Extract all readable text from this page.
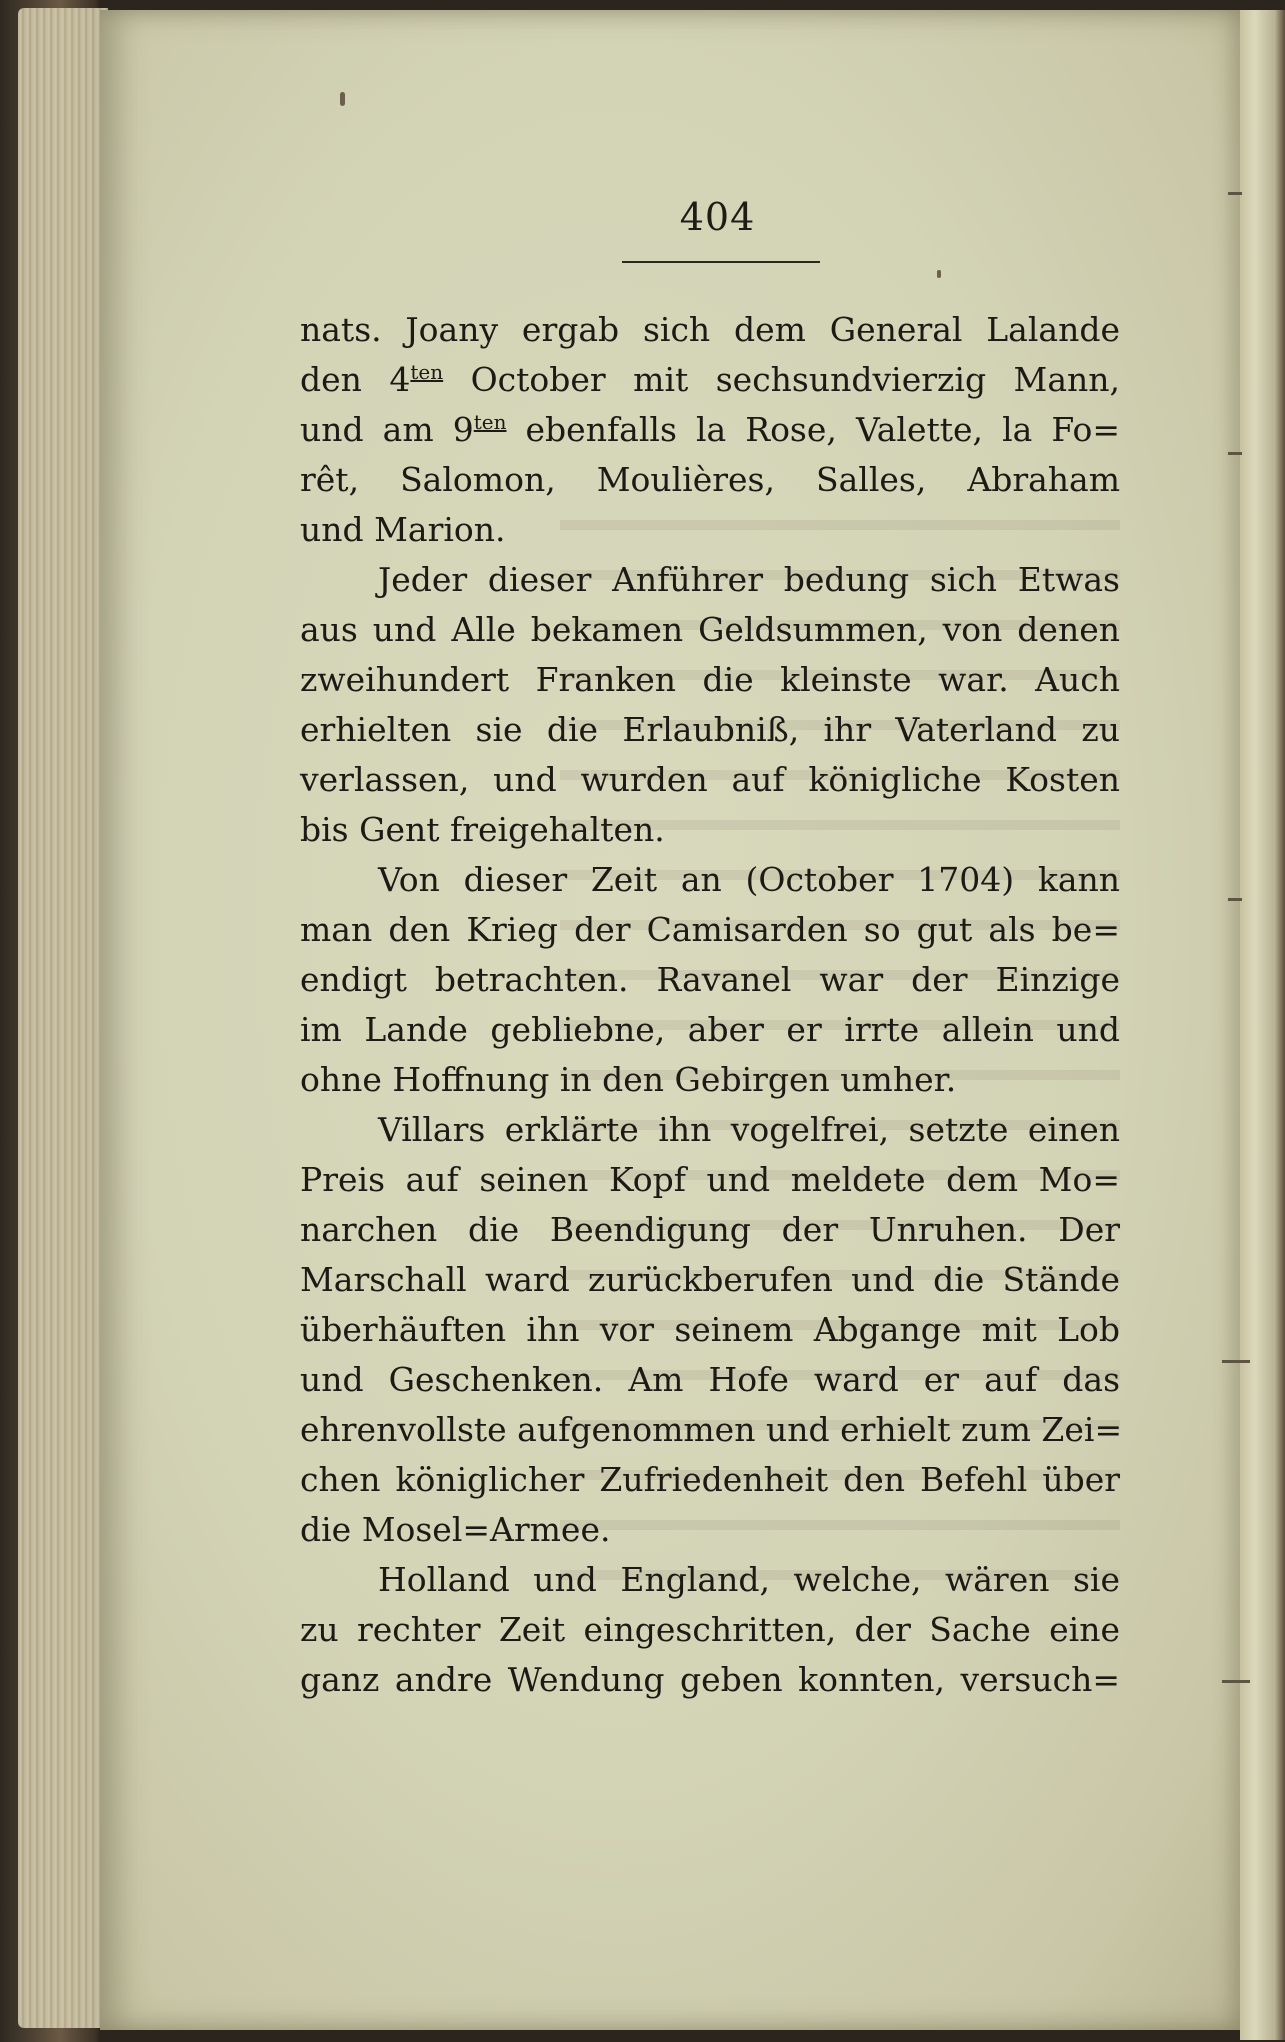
404
nats. Joany ergab sich dem General Lalande
den $4^{ten}$ October mit sechsundvierzig Mann,
und am $9^{ten}$ ebenfalls la Rose, Valette, la Fo=
rêt, Salomon, Moulières, Salles, Abraham
und Marion.
Jeder dieser Anführer bedung sich Etwas
aus und Alle bekamen Geldsummen, von denen
zweihundert Franken die kleinste war. Auch
erhielten sie die Erlaubniß, ihr Vaterland zu
verlassen, und wurden auf königliche Kosten
bis Gent freigehalten.
Von dieser Zeit an (October 1704) kann
man den Krieg der Camisarden so gut als be=
endigt betrachten. Ravanel war der Einzige
im Lande gebliebne, aber er irrte allein und
ohne Hoffnung in den Gebirgen umher.
Villars erklärte ihn vogelfrei, setzte einen
Preis auf seinen Kopf und meldete dem Mo=
narchen die Beendigung der Unruhen. Der
Marschall ward zurückberufen und die Stände
überhäuften ihn vor seinem Abgange mit Lob
und Geschenken. Am Hofe ward er auf das
ehrenvollste aufgenommen und erhielt zum Zei=
chen königlicher Zufriedenheit den Befehl über
die Mosel=Armee.
Holland und England, welche, wären sie
zu rechter Zeit eingeschritten, der Sache eine
ganz andre Wendung geben konnten, versuch=
